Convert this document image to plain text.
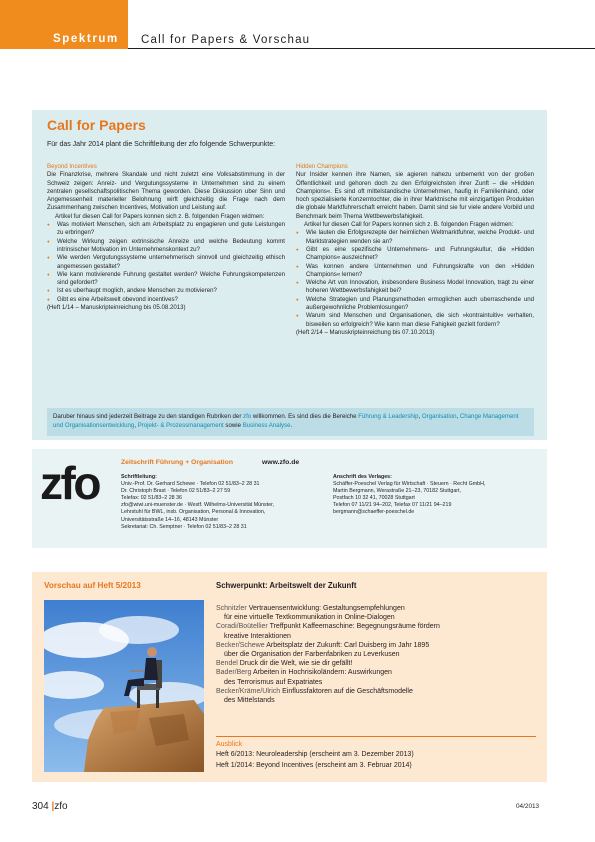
Spektrum Call for Papers & Vorschau
Call for Papers
Für das Jahr 2014 plant die Schriftleitung der zfo folgende Schwerpunkte:

Beyond Incentives

Die Finanzkrise, mehrere Skandale und nicht zuletzt eine Volksabstimmung in der Schweiz zeigen: Anreiz- und Vergutungssysteme in Unternehmen sind zu einem zentralen gesellschaftspolitischen Thema geworden. Diese Diskussion uber Sinn und Angemessenheit materieller Belohnung wirft gleichzeitig die Frage nach dem Zusammenhang zwischen Incentives, Motivation und Leistung auf.

Artikel fur diesen Call for Papers konnen sich z. B. folgenden Fragen widmen:

● Was motiviert Menschen, sich am Arbeitsplatz zu engagieren und gute Leistungen zu erbringen?
● Welche Wirkung zeigen extrinsische Anreize und welche Bedeutung kommt intrinsischer Motivation im Unternehmenskontext zu?
● Wie werden Vergutungssysteme unternehmerisch sinnvoll und gleichzeitig ethisch angemessen gestaltet?
● Wie kann motivierende Fuhrung gestaltet werden? Welche Fuhrungskompetenzen sind gefordert?
● Ist es uberhaupt moglich, andere Menschen zu motivieren?
● Gibt es eine Arbeitswelt obevond incentives?

(Heft 1/14 – Manuskripteinreichung bis 05.08.2013)

Hidden Champions

Nur Insider kennen ihre Namen, sie agieren nahezu unbemerkt von der großen Öffentlichkeit und gehoren doch zu den Erfolgreichsten ihrer Zunft – die »Hidden Champions«. Es sind oft mittelstandische Unternehmen, haufig in Familienhand, oder hoch spezialisierte Konzerntochter, die in ihrer Marktnische mit einzigartigen Produkten die globale Marktfuhrerschaft erreicht haben. Damit sind sie fur viele andere Vorbild und Benchmark beim Thema Wettbewerbsfahigkeit.

Artikel fur diesen Call for Papers konnen sich z. B. folgenden Fragen widmen:

● Wie lauten die Erfolgsrezepte der heimlichen Weltmarktfuhrer, welche Produkt- und Marktstrategien wenden sie an?
● Gibt es eine spezifische Unternehmens- und Fuhrungskultur, die »Hidden Champions« auszeichnet?
● Was konnen andere Unternehmen und Fuhrungskrafte von den »Hidden Champions« lernen?
● Welche Art von Innovation, insbesondere Business Model Innovation, tragt zu einer hoheren Wettbewerbsfahigkeit bei?
● Welche Strategien und Planungsmethoden ermoglichen auch uberraschende und außergewohnliche Problemlosungen?
● Warum sind Menschen und Organisationen, die sich »kontraintuitiv« verhalten, bisweilen so erfolgreich? Wie kann man diese Fahigkeit gezielt fordern?

(Heft 2/14 – Manuskripteinreichung bis 07.10.2013)

Daruber hinaus sind jederzeit Beitrage zu den standigen Rubriken der zfo willkommen. Es sind dies die Bereiche Führung & Leadership, Organisation, Change Management und Organisationsentwicklung, Projekt- & Prozessmanagement sowie Business Analyse.
zfo	Zeitschrift Führung + Organisation	www.zfo.de
Schriftleitung:
Univ.-Prof. Dr. Gerhard Schewe · Telefon 02 51/83–2 28 31
Dr. Christoph Brast · Telefon 02 51/83–2 27 59
Telefax: 02 51/83–2 28 36
zfo@wiwi.uni-muenster.de · Westf. Wilhelms-Universität Münster,
Lehrstuhl für BWL, insb. Organisation, Personal & Innovation,
Universitätsstraße 14–16, 48143 Münster
Sekretariat: Ch. Semptner · Telefon 02 51/83–2 28 31
Anschrift des Verlages:
Schäffer-Poeschel Verlag für Wirtschaft · Steuern · Recht GmbH,
Martin Bergmann, Werastraße 21–23, 70182 Stuttgart,
Postfach 10 32 41, 70028 Stuttgart
Telefon 07 11/21 94–202, Telefax 07 11/21 94–219
bergmann@schaeffer-poeschel.de
Vorschau auf Heft 5/2013	Schwerpunkt: Arbeitswelt der Zukunft
Schnitzler Vertrauensentwicklung: Gestaltungsempfehlungen
für eine virtuelle Textkommunikation in Online-Dialogen
Coradi/Boütellier Treffpunkt Kaffeemaschine: Begegnungsräume fördern
kreative Interaktionen
Becker/Schewe Arbeitsplatz der Zukunft: Carl Duisberg im Jahr 1895
über die Organisation der Farbenfabriken zu Leverkusen
Bendel Druck dir die Welt, wie sie dir gefällt!
Bader/Berg Arbeiten in Hochrisikoländern: Auswirkungen
des Terrorismus auf Expatriates
Becker/Kräme/Ulrich Einflussfaktoren auf die Geschäftsmodelle
des Mittelstands
Ausblick
Heft 6/2013: Neuroleadership (erscheint am 3. Dezember 2013)
Heft 1/2014: Beyond Incentives (erscheint am 3. Februar 2014)
304 |zfo	04/2013
